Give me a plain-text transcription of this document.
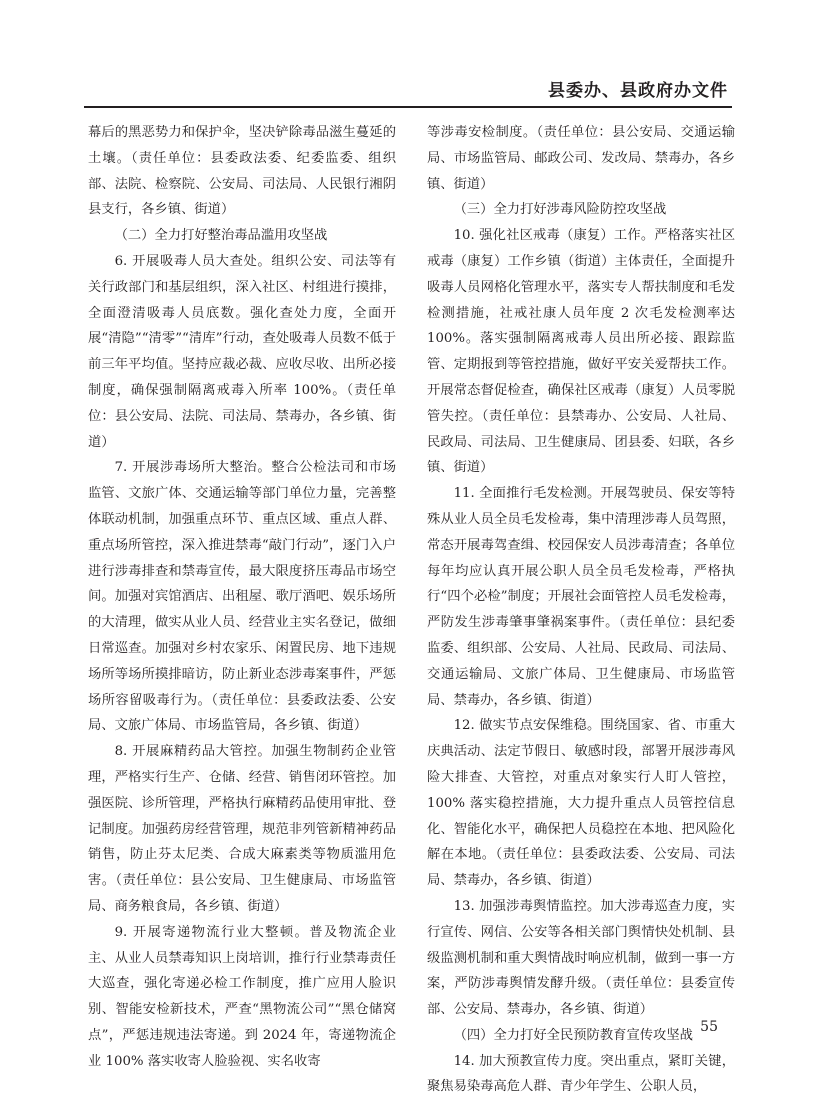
县委办、县政府办文件

幕后的黑恶势力和保护伞，坚决铲除毒品滋生蔓延的土壤。（责任单位：县委政法委、纪委监委、组织部、法院、检察院、公安局、司法局、人民银行湘阴县支行，各乡镇、街道）

（二）全力打好整治毒品滥用攻坚战

6. 开展吸毒人员大查处。组织公安、司法等有关行政部门和基层组织，深入社区、村组进行摸排，全面澄清吸毒人员底数。强化查处力度，全面开展“清隐”“清零”“清库”行动，查处吸毒人员数不低于前三年平均值。坚持应裁必裁、应收尽收、出所必接制度，确保强制隔离戒毒入所率 100%。（责任单位：县公安局、法院、司法局、禁毒办，各乡镇、街道）

7. 开展涉毒场所大整治。整合公检法司和市场监管、文旅广体、交通运输等部门单位力量，完善整体联动机制，加强重点环节、重点区域、重点人群、重点场所管控，深入推进禁毒“敲门行动”，逐门入户进行涉毒排查和禁毒宣传，最大限度挤压毒品市场空间。加强对宾馆酒店、出租屋、歌厅酒吧、娱乐场所的大清理，做实从业人员、经营业主实名登记，做细日常巡查。加强对乡村农家乐、闲置民房、地下违规场所等场所摸排暗访，防止新业态涉毒案事件，严惩场所容留吸毒行为。（责任单位：县委政法委、公安局、文旅广体局、市场监管局，各乡镇、街道）

8. 开展麻精药品大管控。加强生物制药企业管理，严格实行生产、仓储、经营、销售闭环管控。加强医院、诊所管理，严格执行麻精药品使用审批、登记制度。加强药房经营管理，规范非列管新精神药品销售，防止芬太尼类、合成大麻素类等物质滥用危害。（责任单位：县公安局、卫生健康局、市场监管局、商务粮食局，各乡镇、街道）

9. 开展寄递物流行业大整顿。普及物流企业主、从业人员禁毒知识上岗培训，推行行业禁毒责任大巡查，强化寄递必检工作制度，推广应用人脸识别、智能安检新技术，严查“黑物流公司”“黑仓储窝点”，严惩违规违法寄递。到 2024 年，寄递物流企业 100% 落实收寄人脸验视、实名收寄

等涉毒安检制度。（责任单位：县公安局、交通运输局、市场监管局、邮政公司、发改局、禁毒办，各乡镇、街道）

（三）全力打好涉毒风险防控攻坚战

10. 强化社区戒毒（康复）工作。严格落实社区戒毒（康复）工作乡镇（街道）主体责任，全面提升吸毒人员网格化管理水平，落实专人帮扶制度和毛发检测措施，社戒社康人员年度 2 次毛发检测率达 100%。落实强制隔离戒毒人员出所必接、跟踪监管、定期报到等管控措施，做好平安关爱帮扶工作。开展常态督促检查，确保社区戒毒（康复）人员零脱管失控。（责任单位：县禁毒办、公安局、人社局、民政局、司法局、卫生健康局、团县委、妇联，各乡镇、街道）

11. 全面推行毛发检测。开展驾驶员、保安等特殊从业人员全员毛发检毒，集中清理涉毒人员驾照，常态开展毒驾查缉、校园保安人员涉毒清查；各单位每年均应认真开展公职人员全员毛发检毒，严格执行“四个必检”制度；开展社会面管控人员毛发检毒，严防发生涉毒肇事肇祸案事件。（责任单位：县纪委监委、组织部、公安局、人社局、民政局、司法局、交通运输局、文旅广体局、卫生健康局、市场监管局、禁毒办，各乡镇、街道）

12. 做实节点安保维稳。围绕国家、省、市重大庆典活动、法定节假日、敏感时段，部署开展涉毒风险大排查、大管控，对重点对象实行人盯人管控，100% 落实稳控措施，大力提升重点人员管控信息化、智能化水平，确保把人员稳控在本地、把风险化解在本地。（责任单位：县委政法委、公安局、司法局、禁毒办，各乡镇、街道）

13. 加强涉毒舆情监控。加大涉毒巡查力度，实行宣传、网信、公安等各相关部门舆情快处机制、县级监测机制和重大舆情战时响应机制，做到一事一方案，严防涉毒舆情发酵升级。（责任单位：县委宣传部、公安局、禁毒办，各乡镇、街道）

（四）全力打好全民预防教育宣传攻坚战

14. 加大预教宣传力度。突出重点，紧盯关键，聚焦易染毒高危人群、青少年学生、公职人员，

55
